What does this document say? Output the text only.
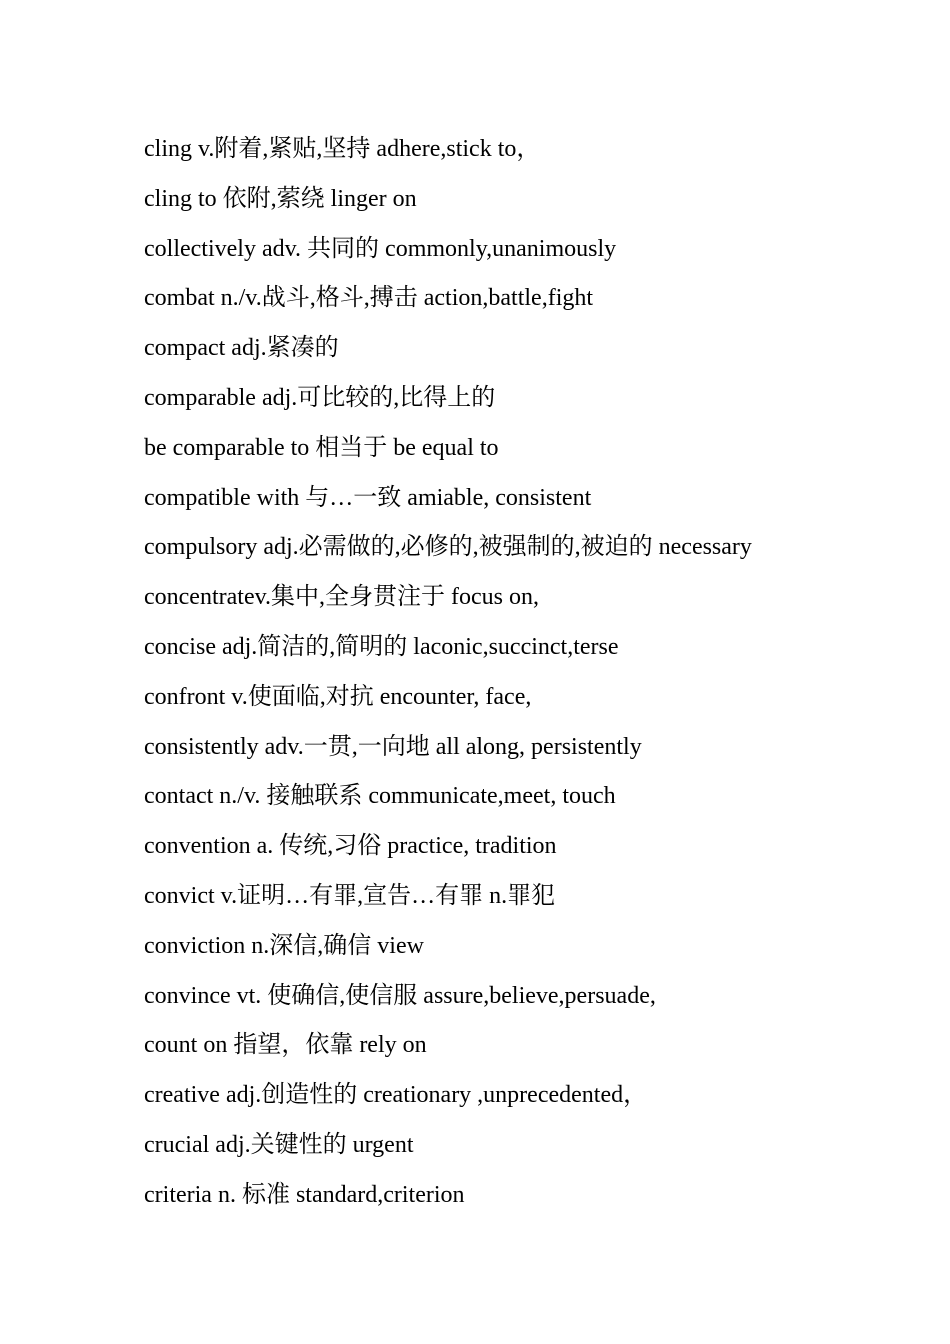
cling v.附着,紧贴,坚持 adhere,stick to，
cling to 依附,萦绕 linger on
collectively adv. 共同的 commonly,unanimously
combat n./v.战斗,格斗,搏击 action,battle,fight
compact adj.紧凑的
comparable adj.可比较的,比得上的
be comparable to 相当于 be equal to
compatible with 与…一致 amiable, consistent
compulsory adj.必需做的,必修的,被强制的,被迫的 necessary
concentratev.集中,全身贯注于 focus on,
concise adj.简洁的,简明的 laconic,succinct,terse
confront v.使面临,对抗 encounter, face,
consistently adv.一贯,一向地 all along, persistently
contact n./v. 接触联系 communicate,meet, touch
convention a. 传统,习俗 practice, tradition
convict v.证明…有罪,宣告…有罪 n.罪犯
conviction n.深信,确信 view
convince vt. 使确信,使信服 assure,believe,persuade,
count on 指望，依靠 rely on
creative adj.创造性的 creationary ,unprecedented，
crucial adj.关键性的 urgent
criteria n. 标准 standard,criterion
